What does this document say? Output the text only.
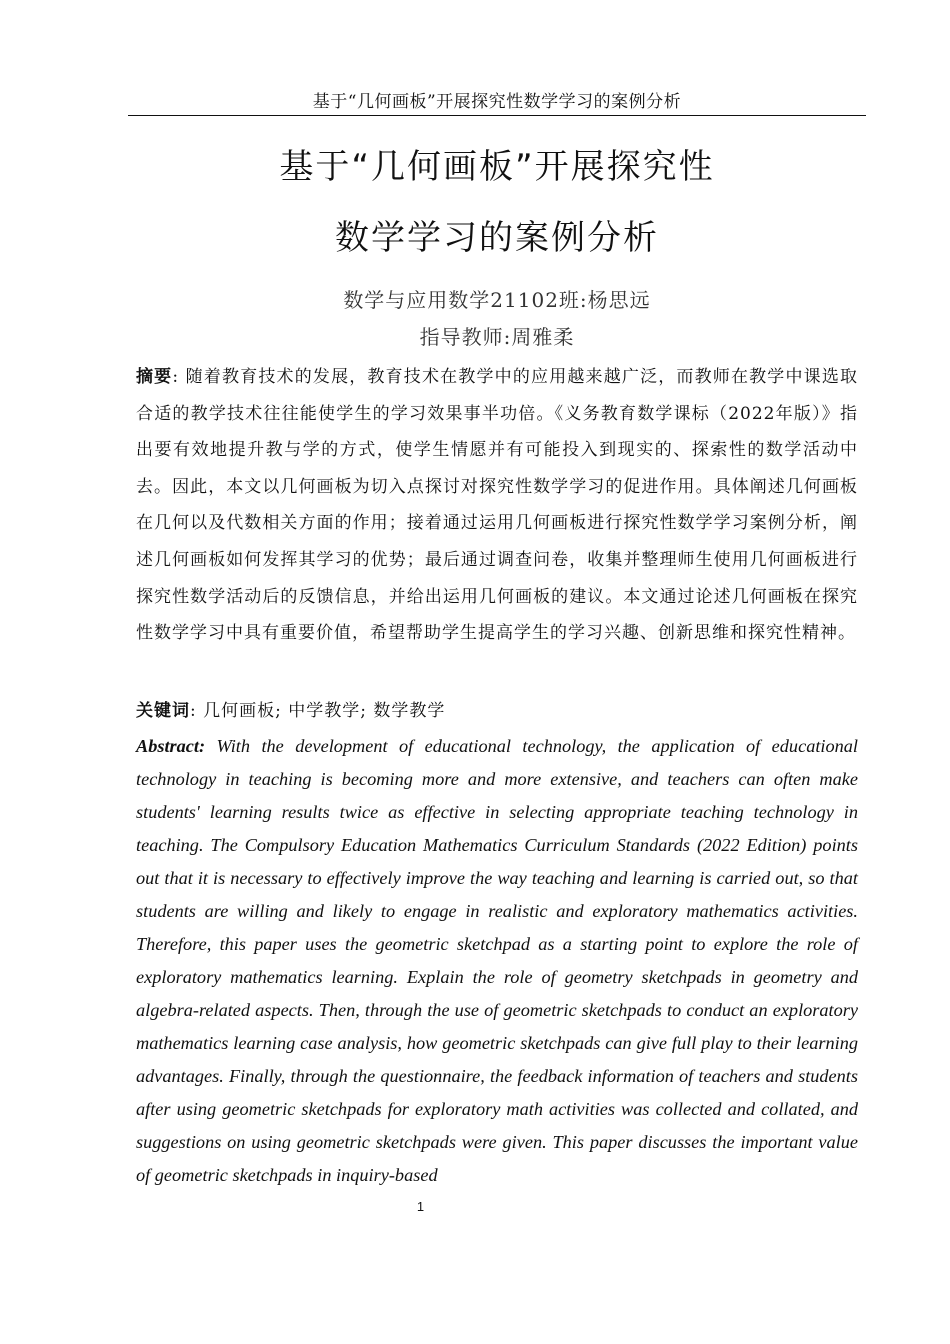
基于“几何画板”开展探究性数学学习的案例分析
基于“几何画板”开展探究性
数学学习的案例分析
数学与应用数学21102班:杨思远
指导教师:周雅柔

摘要: 随着教育技术的发展，教育技术在教学中的应用越来越广泛，而教师在教学中课选取合适的教学技术往往能使学生的学习效果事半功倍。《义务教育数学课标（2022年版）》指出要有效地提升教与学的方式，使学生情愿并有可能投入到现实的、探索性的数学活动中去。因此，本文以几何画板为切入点探讨对探究性数学学习的促进作用。具体阐述几何画板在几何以及代数相关方面的作用；接着通过运用几何画板进行探究性数学学习案例分析，阐述几何画板如何发挥其学习的优势；最后通过调查问卷，收集并整理师生使用几何画板进行探究性数学活动后的反馈信息，并给出运用几何画板的建议。本文通过论述几何画板在探究性数学学习中具有重要价值，希望帮助学生提高学生的学习兴趣、创新思维和探究性精神。

关键词: 几何画板; 中学教学; 数学教学

Abstract: With the development of educational technology, the application of educational technology in teaching is becoming more and more extensive, and teachers can often make students' learning results twice as effective in selecting appropriate teaching technology in teaching. The Compulsory Education Mathematics Curriculum Standards (2022 Edition) points out that it is necessary to effectively improve the way teaching and learning is carried out, so that students are willing and likely to engage in realistic and exploratory mathematics activities. Therefore, this paper uses the geometric sketchpad as a starting point to explore the role of exploratory mathematics learning. Explain the role of geometry sketchpads in geometry and algebra-related aspects. Then, through the use of geometric sketchpads to conduct an exploratory mathematics learning case analysis, how geometric sketchpads can give full play to their learning advantages. Finally, through the questionnaire, the feedback information of teachers and students after using geometric sketchpads for exploratory math activities was collected and collated, and suggestions on using geometric sketchpads were given. This paper discusses the important value of geometric sketchpads in inquiry-based

1
